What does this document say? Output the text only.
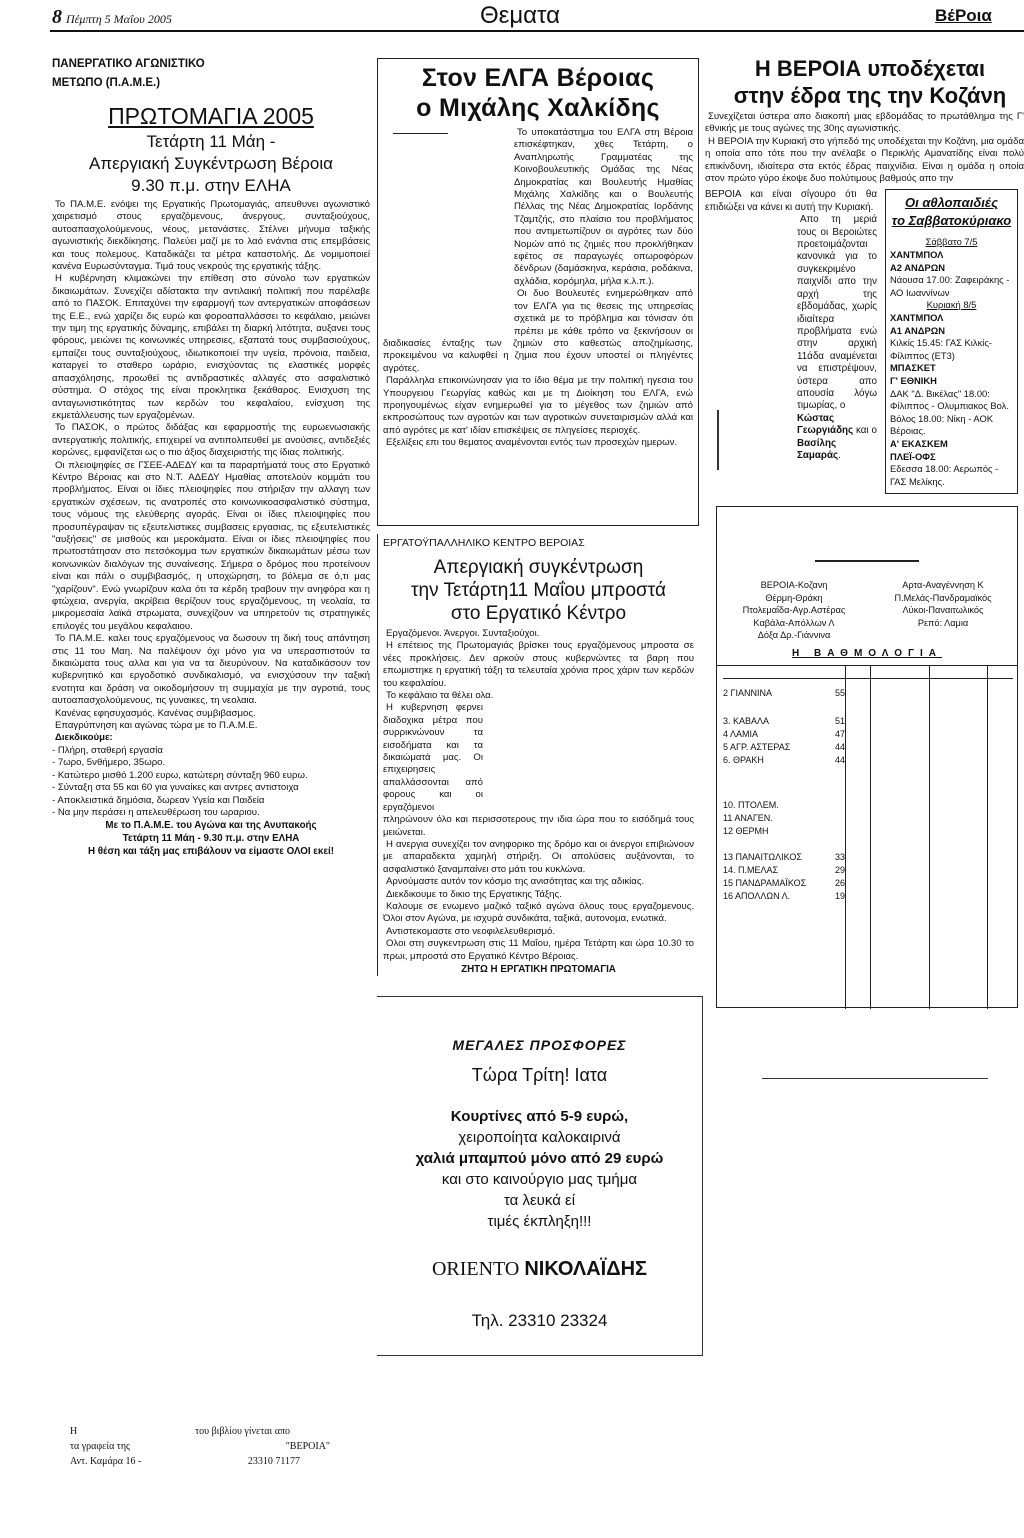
8 Πέμπτη 5 Μαΐου 2005	Θεματα	ΒέΡοια
ΠΑΝΕΡΓΑΤΙΚΟ ΑΓΩΝΙΣΤΙΚΟ
ΜΕΤΩΠΟ (Π.Α.Μ.Ε.)
ΠΡΩΤΟΜΑΓΙΑ 2005
Τετάρτη 11 Μάη -
Απεργιακή Συγκέντρωση Βέροια
9.30 π.μ. στην ΕΛΗΑ

Το ΠΑ.Μ.Ε. ενόψει της Εργατικής Πρωτομαγιάς, απευθυνει αγωνιστικό χαιρετισμό στους εργαζόμενους, άνεργους, συνταξιούχους, αυτοαπασχολούμενους, νέους, μετανάστες. Στέλνει μήνυμα ταξικής αγωνιστικής διεκδίκησης. Παλεύει μαζί με το λαό ενάντια στις επεμβάσεις και τους πολεμους. Καταδικάζει τα μέτρα καταστολής. Δε νομιμοποιεί κανένα Ευρωσύνταγμα. Τιμά τους νεκρούς της εργατικής τάξης.

Η κυβέρνηση κλιμακώνει την επίθεση στο σύνολο των εργατικών δικαιωμάτων. Συνεχίζει αδίστακτα την αντιλαική πολιτική που παρέλαβε από το ΠΑΣΟΚ. Επιταχύνει την εφαρμογή των αντεργατικών αποφάσεων της Ε.Ε., ενώ χαρίζει δις ευρώ και φοροαπαλλάσσει το κεφάλαιο, μειώνει την τιμη της εργατικής δύναμης, επιβάλει τη διαρκή λιτότητα, αυξανει τους φόρους, μειώνει τις κοινωνικές υπηρεσιες, εξαπατά τους συμβασιούχους, εμπαίζει τους συνταξιούχους, ιδιωτικοποιεί την υγεία, πρόνοια, παιδεια, καταργεί το σταθερο ωράριο, ενισχύοντας τις ελαστικές μορφές απασχόλησης, προωθεί τις αντιδραστικές αλλαγές στο ασφαλιστικό σύστημα. Ο στόχος της είναι προκλητικα ξεκάθαρος. Ενισχυση της ανταγωνιστικότητας των κερδών του κεφαλαίου, ενίσχυση της εκμετάλλευσης των εργαζομένων.

Το ΠΑΣΟΚ, ο πρώτος διδάξας και εφαρμοστής της ευρωενωσιακής αντεργατικής πολιτικής, επιχειρεί να αντιπολιτευθεί με ανούσιες, αντιδεξιές κορώνες, εμφανίζεται ως ο πιο άξιος διαχειριστής της ίδιας πολιτικής.

Οι πλειοψηφίες σε ΓΣΕΕ-ΑΔΕΔΥ και τα παραρτήματά τους στο Εργατικό Κέντρο Βέροιας και στο Ν.Τ. ΑΔΕΔΥ Ημαθίας αποτελούν κομμάτι του προβλήματος. Είναι οι ίδιες πλειοψηφίες που στήριξαν την αλλαγη των εργατικών σχέσεων, τις ανατροπές στο κοινωνικοασφαλιστικό σύστημα, τους νόμους της ελεύθερης αγοράς. Είναι οι ίδιες πλειοψηφίες που προσυπέγραψαν τις εξευτελιστικες συμβασεις εργασιας, τις εξευτελιστικές "αυξήσεις" σε μισθούς και μεροκάματα. Είναι οι ίδιες πλειοψηφίες που πρωτοστάτησαν στο πετσόκομμα των εργατικών δικαιωμάτων μέσω των κοινωνικών διαλόγων της συναίνεσης. Σήμερα ο δρόμος που προτείνουν είναι και πάλι ο συμβιβασμός, η υποχώρηση, το βόλεμα σε ό,τι μας "χαρίζουν". Ενώ γνωρίζουν καλα ότι τα κέρδη τραβουν την ανηφόρα και η φτώχεια, ανεργία, ακρίβεια θερίζουν τους εργαζόμενους, τη νεολαία, τα μικρομεσαία λαϊκά στρωματα, συνεχίζουν να υπηρετούν τις στρατηγικές επιλογές του μεγάλου κεφαλαιου.

Το ΠΑ.Μ.Ε. καλει τους εργαζόμενους να δωσουν τη δική τους απάντηση στις 11 του Μαη. Να παλέψουν όχι μόνο για να υπερασπιστούν τα δικαιώματα τους αλλα και για να τα διευρύνουν. Να καταδικάσουν τον κυβερνητικό και εργοδοτικό συνδικαλισμό, να ενισχύσουν την ταξική ενοτητα και δράση να οικοδομήσουν τη συμμαχία με την αγροτιά, τους αυτοαπασχολούμενους, τις γυναικες, τη νεολαια.

Κανένας εφησυχασμός. Κανένας συμβιβασμος.

Επαγρύπνηση και αγώνας τώρα με το Π.Α.Μ.Ε.

Διεκδικούμε:

- Πλήρη, σταθερή εργασία
- 7ωρο, 5νθήμερο, 35ωρο.
- Κατώτερο μισθό 1.200 ευρω, κατώτερη σύνταξη 960 ευρω.
- Σύνταξη στα 55 και 60 για γυναίκες και αντρες αντιστοιχα
- Αποκλειστικά δημόσια, δωρεαν Υγεία και Παιδεία
- Να μην περάσει η απελευθέρωση του ωραριου.
Με το Π.Α.Μ.Ε. του Αγώνα και της Ανυπακοής
Τετάρτη 11 Μάη - 9.30 π.μ. στην ΕΛΗΑ
Η θέση και τάξη μας επιβάλουν να είμαστε ΟΛΟΙ εκεί!
Στον ΕΛΓΑ Βέροιας
ο Μιχάλης Χαλκίδης

Το υποκατάστημα του ΕΛΓΑ στη Βέροια επισκέφτηκαν, χθες Τετάρτη, ο Αναπληρωτής Γραμματέας της Κοινοβουλευτικής Ομάδας της Νέας Δημοκρατίας και Βουλευτής Ημαθίας Μιχάλης Χαλκίδης και ο Βουλευτής Πέλλας της Νέας Δημοκρατίας Ιορδάνης Τζαμτζής, στο πλαίσιο του προβλήματος που αντιμετωπίζουν οι αγρότες των δύο Νομών από τις ζημιές που προκλήθηκαν εφέτος σε παραγωγές οπωροφόρων δένδρων (δαμάσκηνα, κεράσια, ροδάκινα, αχλάδια, κορόμηλα, μήλα κ.λ.π.).

Οι δυο Βουλευτές ενημερώθηκαν από τον ΕΛΓΑ για τις θεσεις της υπηρεσίας σχετικά με το πρόβλημα και τόνισαν ότι πρέπει με κάθε τρόπο να ξεκινήσουν οι διαδικασίες ένταξης των ζημιών στο καθεστώς αποζημίωσης, προκειμένου να καλυφθεί η ζημια που έχουν υποστεί οι πληγέντες αγρότες.

Παράλληλα επικοινώνησαν για το ίδιο θέμα με την πολιτική ηγεσια του Υπουργειου Γεωργίας καθώς και με τη Διοίκηση του ΕΛΓΑ, ενώ προηγουμένως είχαν ενημερωθεί για το μέγεθος των ζημιών από εκπροσώπους των αγροτών και των αγροτικών συνεταιρισμών αλλά και από αγρότες με κατ' ιδίαν επισκέψεις σε πληγείσες περιοχές.

Εξελίξεις επι του θεματος αναμένονται εντός των προσεχών ημερων.

ΕΡΓΑΤΟΫΠΑΛΛΗΛΙΚΟ ΚΕΝΤΡΟ ΒΕΡΟΙΑΣ
Απεργιακή συγκέντρωση
την Τετάρτη11 Μαΐου μπροστά
στο Εργατικό Κέντρο

Εργαζόμενοι. Άνεργοι. Συνταξιούχοι.

Η επέτειος της Πρωτομαγιάς βρίσκει τους εργαζόμενους μπροστα σε νέες προκλήσεις. Δεν αρκούν στους κυβερνώντες τα βαρη που επωμιστηκε η εργατική τάξη τα τελευταία χρόνια προς χάριν των κερδών του κεφαλαίου.

Το κεφάλαιο τα θέλει ολα.

Η κυβερνηση φερνει διαδοχικα μέτρα που συρρικνώνουν τα εισοδήματα και τα δικαιώματά μας. Οι επιχειρησεις απαλλάσσονται από φορους και οι εργαζόμενοι πληρώνουν όλο και περισσοτερους την ιδια ώρα που το εισόδημά τους μειώνεται.

Η ανεργια συνεχίζει τον ανηφορικο της δρόμο και οι άνεργοι επιβιώνουν με απαραδεκτα χαμηλή στήριξη. Οι απολύσεις αυξάνονται, το ασφαλιστικό ξαναμπαίνει στο μάτι του κυκλώνα.

Αρνούμαστε αυτόν τον κόσμο της ανισότητας και της αδικίας.

Διεκδικουμε το δικιο της Εργατικης Τάξης.

Καλουμε σε ενωμενο μαζικό ταξικό αγώνα όλους τους εργαζομενους. Όλοι στον Αγώνα, με ισχυρά συνδικάτα, ταξικά, αυτονομα, ενωτικά.

Αντιστεκομαστε στο νεοφιλελευθερισμό.

Ολοι στη συγκεντρωση στις 11 Μαΐου, ημέρα Τετάρτη και ώρα 10.30 το πρωι, μπροστά στο Εργατικό Κέντρο Βέροιας.

ΖΗΤΩ Η ΕΡΓΑΤΙΚΗ ΠΡΩΤΟΜΑΓΙΑ
ΜΕΓΑΛΕΣ ΠΡΟΣΦΟΡΕΣ
Τώρα Τρίτη! Ιατα
Κουρτίνες από 5-9 ευρώ,
χειροποίητα καλοκαιρινά
χαλιά μπαμπού μόνο από 29 ευρώ
και στο καινούργιο μας τμήμα
τα λευκά εί
τιμές έκπληξη!!!
ORIENTO ΝΙΚΟΛΑΪΔΗΣ
Τηλ. 23310 23324
Η ΒΕΡΟΙΑ υποδέχεται
στην έδρα της την Κοζάνη

Συνεχίζεται ύστερα απο διακοπή μιας εβδομάδας το πρωτάθλημα της Γ' εθνικής με τους αγώνες της 30ης αγωνιστικής.

Η ΒΕΡΟΙΑ την Κυριακή στο γήπεδό της υποδέχεται την Κοζάνη, μια ομάδα η οποία απο τότε που την ανέλαβε ο Περικλής Αμανατίδης είναι πολύ επικίνδυνη, ιδιαίτερα στα εκτός έδρας παιχνίδια. Είναι η ομάδα η οποία στον πρώτο γύρο έκοψε δυο πολύτιμους βαθμούς απο την

ΒΕΡΟΙΑ και είναι σίγουρο ότι θα επιδιώξει να κάνει κι αυτή την Κυριακή.

Απο τη μεριά τους οι Βεροιώτες προετοιμάζονται κανονικά για το συγκεκριμένο παιχνίδι απο την αρχή της εβδομάδας, χωρίς ιδιαίτερα προβλήματα ενώ στην αρχική 11άδα αναμένεται να επιστρέψουν, ύστερα απο απουσία λόγω τιμωρίας, ο

Κώστας Γεωργιάδης και ο Βασίλης Σαμαράς.

Οι αθλοπαιδιές
το Σαββατοκύριακο
Σάββατο 7/5
ΧΑΝΤΜΠΟΛ
Α2 ΑΝΔΡΩΝ
Νάουσα 17.00: Ζαφειράκης - ΑΟ Ιωαννίνων
Κυριακή 8/5
ΧΑΝΤΜΠΟΛ
Α1 ΑΝΔΡΩΝ
Κιλκίς 15.45: ΓΑΣ Κιλκίς-Φίλιππος (ΕΤ3)
ΜΠΑΣΚΕΤ
Γ' ΕΘΝΙΚΗ
ΔΑΚ "Δ. Βικέλας" 18.00: Φίλιππος - Ολυμπιακος Βολ.
Βόλος 18.00: Νίκη - ΑΟΚ Βέροιας.
Α' ΕΚΑΣΚΕΜ
ΠΛΕΪ-ΟΦΣ
Εδεσσα 18.00: Αερωπός - ΓΑΣ Μελίκης.
ΒΕΡΟΙΑ-Κοζανη
Θέρμη-Θράκη
Πτολεμαΐδα-Αγρ.Αστέρας
Καβάλα-Απόλλων Λ
Δόξα Δρ.-Γιάννινα
Αρτα-Αναγέννηση Κ
Π.Μελάς-Πανδραμαϊκός
Λύκοι-Παναιτωλικός
Ρεπό: Λαμια
Η ΒΑΘΜΟΛΟΓΙΑ
2 ΓΙΑΝΝΙΝΑ	55
3. ΚΑΒΑΛΑ	51
4 ΛΑΜΙΑ	47
5 ΑΓΡ. ΑΣΤΕΡΑΣ	44
6. ΘΡΑΚΗ	44
10. ΠΤΟΛΕΜ.
11 ΑΝΑΓΕΝ.
12 ΘΕΡΜΗ
13 ΠΑΝΑΙΤΩΛΙΚΟΣ	33
14. Π.ΜΕΛΑΣ	29
15 ΠΑΝΔΡΑΜΑΪΚΟΣ	26
16 ΑΠΟΛΛΩΝ Λ.	19
Η	του βιβλίου γίνεται απο
τα γραφεία της	"ΒΕΡΟΙΑ"
Αντ. Καμάρα 16 -	23310 71177
